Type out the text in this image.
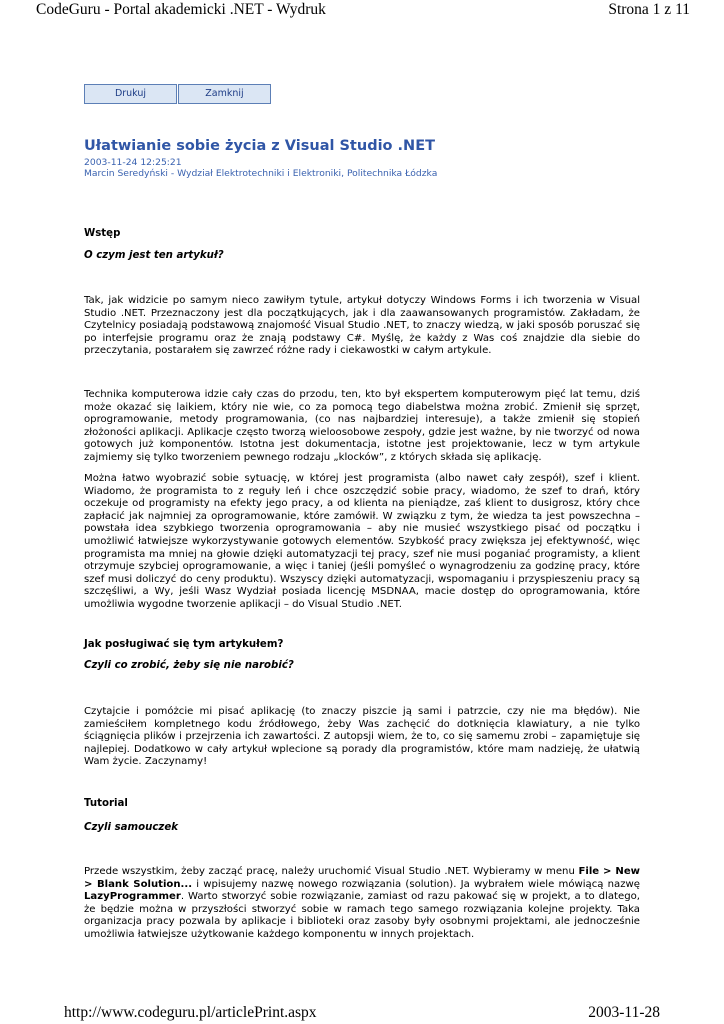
CodeGuru - Portal akademicki .NET - Wydruk	Strona 1 z 11
Drukuj	Zamknij
Ułatwianie sobie życia z Visual Studio .NET
2003-11-24 12:25:21
Marcin Seredyński - Wydział Elektrotechniki i Elektroniki, Politechnika Łódzka
Wstęp
O czym jest ten artykuł?
Tak, jak widzicie po samym nieco zawiłym tytule, artykuł dotyczy Windows Forms i ich tworzenia w Visual Studio .NET. Przeznaczony jest dla początkujących, jak i dla zaawansowanych programistów. Zakładam, że Czytelnicy posiadają podstawową znajomość Visual Studio .NET, to znaczy wiedzą, w jaki sposób poruszać się po interfejsie programu oraz że znają podstawy C#. Myślę, że każdy z Was coś znajdzie dla siebie do przeczytania, postarałem się zawrzeć różne rady i ciekawostki w całym artykule.
Technika komputerowa idzie cały czas do przodu, ten, kto był ekspertem komputerowym pięć lat temu, dziś może okazać się laikiem, który nie wie, co za pomocą tego diabelstwa można zrobić. Zmienił się sprzęt, oprogramowanie, metody programowania, (co nas najbardziej interesuje), a także zmienił się stopień złożoności aplikacji. Aplikacje często tworzą wieloosobowe zespoły, gdzie jest ważne, by nie tworzyć od nowa gotowych już komponentów. Istotna jest dokumentacja, istotne jest projektowanie, lecz w tym artykule zajmiemy się tylko tworzeniem pewnego rodzaju „klocków”, z których składa się aplikację.
Można łatwo wyobrazić sobie sytuację, w której jest programista (albo nawet cały zespół), szef i klient. Wiadomo, że programista to z reguły leń i chce oszczędzić sobie pracy, wiadomo, że szef to drań, który oczekuje od programisty na efekty jego pracy, a od klienta na pieniądze, zaś klient to dusigrosz, który chce zapłacić jak najmniej za oprogramowanie, które zamówił. W związku z tym, że wiedza ta jest powszechna – powstała idea szybkiego tworzenia oprogramowania – aby nie musieć wszystkiego pisać od początku i umożliwić łatwiejsze wykorzystywanie gotowych elementów. Szybkość pracy zwiększa jej efektywność, więc programista ma mniej na głowie dzięki automatyzacji tej pracy, szef nie musi poganiać programisty, a klient otrzymuje szybciej oprogramowanie, a więc i taniej (jeśli pomyśleć o wynagrodzeniu za godzinę pracy, które szef musi doliczyć do ceny produktu). Wszyscy dzięki automatyzacji, wspomaganiu i przyspieszeniu pracy są szczęśliwi, a Wy, jeśli Wasz Wydział posiada licencję MSDNAA, macie dostęp do oprogramowania, które umożliwia wygodne tworzenie aplikacji – do Visual Studio .NET.
Jak posługiwać się tym artykułem?
Czyli co zrobić, żeby się nie narobić?
Czytajcie i pomóżcie mi pisać aplikację (to znaczy piszcie ją sami i patrzcie, czy nie ma błędów). Nie zamieściłem kompletnego kodu źródłowego, żeby Was zachęcić do dotknięcia klawiatury, a nie tylko ściągnięcia plików i przejrzenia ich zawartości. Z autopsji wiem, że to, co się samemu zrobi – zapamiętuje się najlepiej. Dodatkowo w cały artykuł wplecione są porady dla programistów, które mam nadzieję, że ułatwią Wam życie. Zaczynamy!
Tutorial
Czyli samouczek
Przede wszystkim, żeby zacząć pracę, należy uruchomić Visual Studio .NET. Wybieramy w menu File > New > Blank Solution... i wpisujemy nazwę nowego rozwiązania (solution). Ja wybrałem wiele mówiącą nazwę LazyProgrammer. Warto stworzyć sobie rozwiązanie, zamiast od razu pakować się w projekt, a to dlatego, że będzie można w przyszłości stworzyć sobie w ramach tego samego rozwiązania kolejne projekty. Taka organizacja pracy pozwala by aplikacje i biblioteki oraz zasoby były osobnymi projektami, ale jednocześnie umożliwia łatwiejsze użytkowanie każdego komponentu w innych projektach.
http://www.codeguru.pl/articlePrint.aspx	2003-11-28
